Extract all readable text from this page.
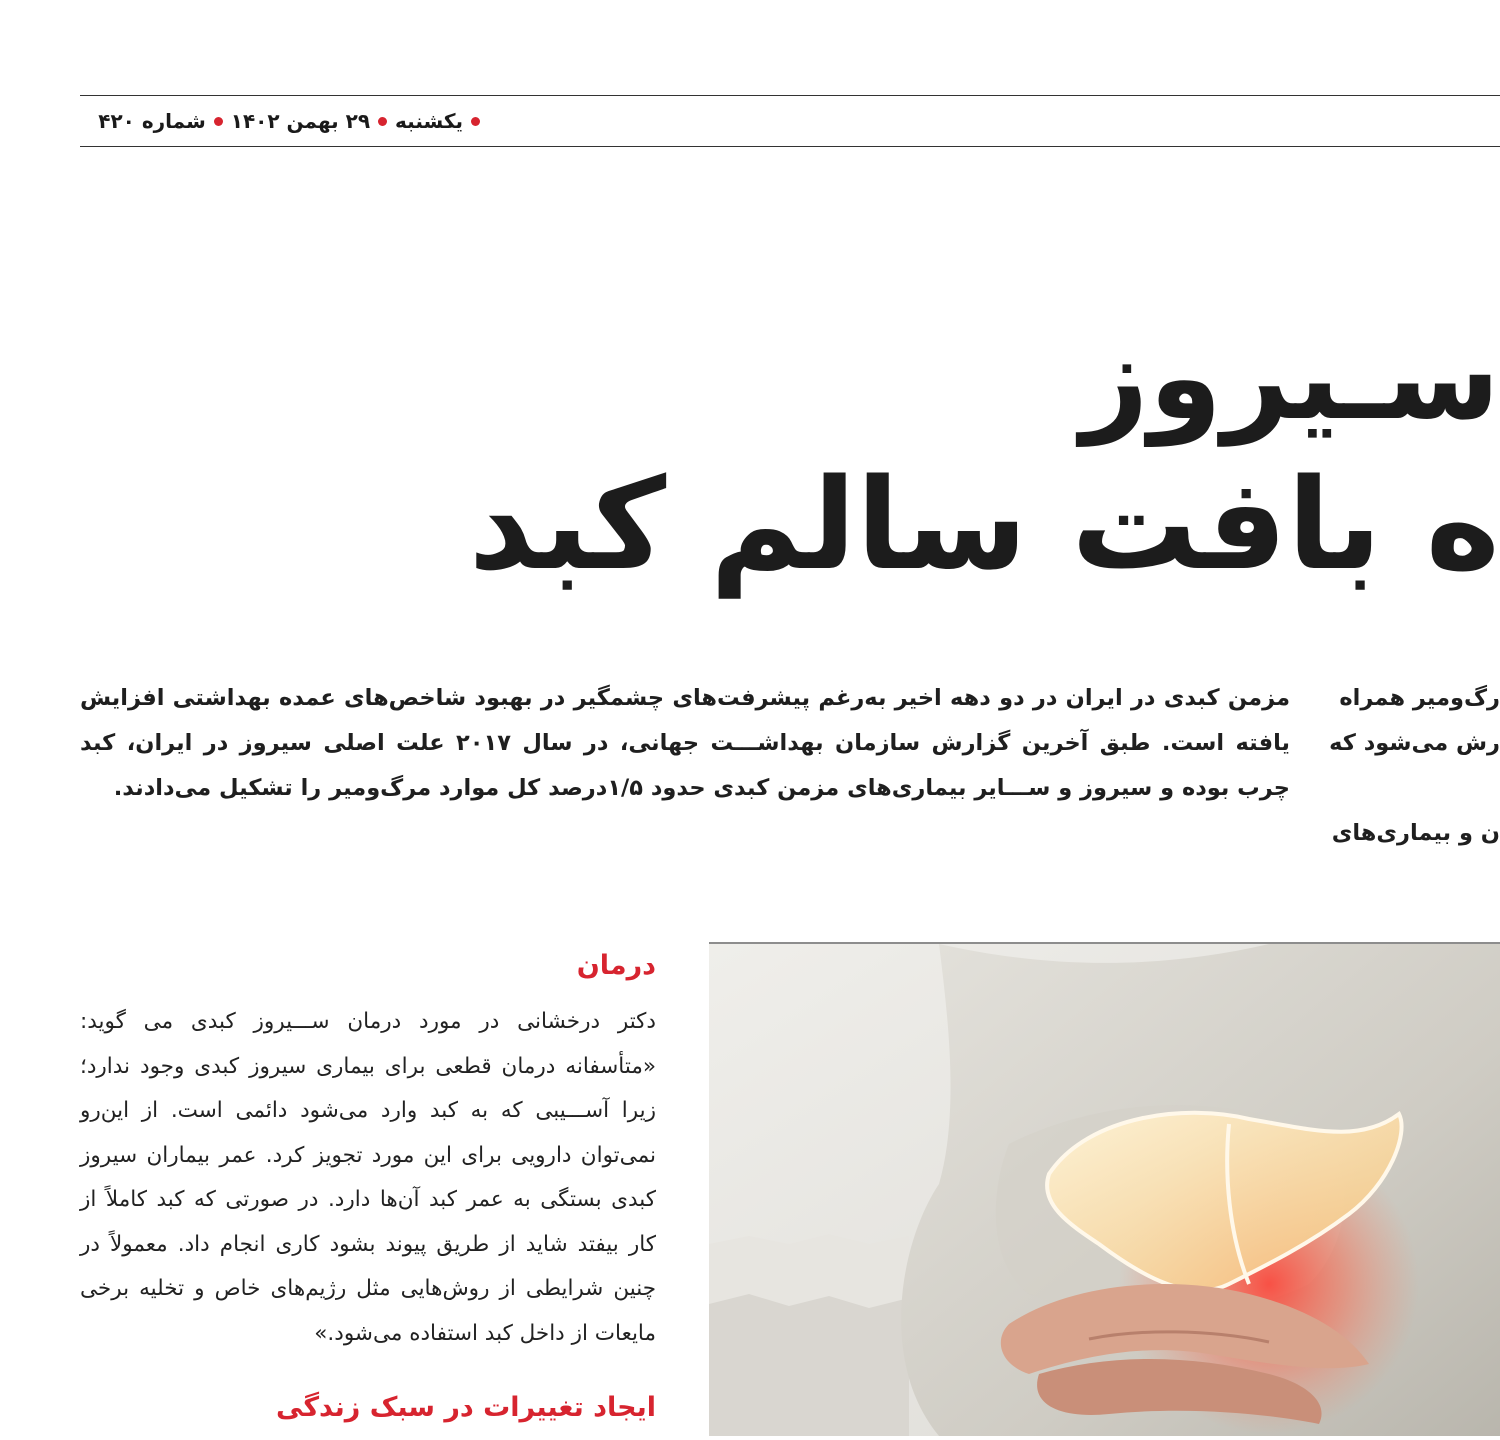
یکشنبه
۲۹ بهمن ۱۴۰۲
شماره ۴۲۰
سـیروز
ه بافت سالم کبد
مزمن کبدی در ایران در دو دهه اخیر به‌رغم پیشرفت‌های چشمگیر در بهبود شاخص‌های عمده بهداشتی افزایش یافته است. طبق آخرین گزارش سازمان بهداشـــت جهانی، در سال ۲۰۱۷ علت اصلی سیروز در ایران، کبد چرب بوده و سیروز و ســـایر بیماری‌های مزمن کبدی حدود ۱/۵درصد کل موارد مرگ‌ومیر را تشکیل می‌دادند.
رگ‌ومیر همراه
رش می‌شود که
ن و بیماری‌های
درمان
دکتر درخشانی در مورد درمان ســـیروز کبدی می گوید: «متأسفانه درمان قطعی برای بیماری سیروز کبدی وجود ندارد؛ زیرا آســـیبی که به کبد وارد می‌شود دائمی است. از این‌رو نمی‌توان دارویی برای این مورد تجویز کرد. عمر بیماران سیروز کبدی بستگی به عمر کبد آن‌ها دارد. در صورتی که کبد کاملاً از کار بیفتد شاید از طریق پیوند بشود کاری انجام داد. معمولاً در چنین شرایطی از روش‌هایی مثل رژیم‌های خاص و تخلیه برخی مایعات از داخل کبد استفاده می‌شود.»
ایجاد تغییرات در سبک زندگی
